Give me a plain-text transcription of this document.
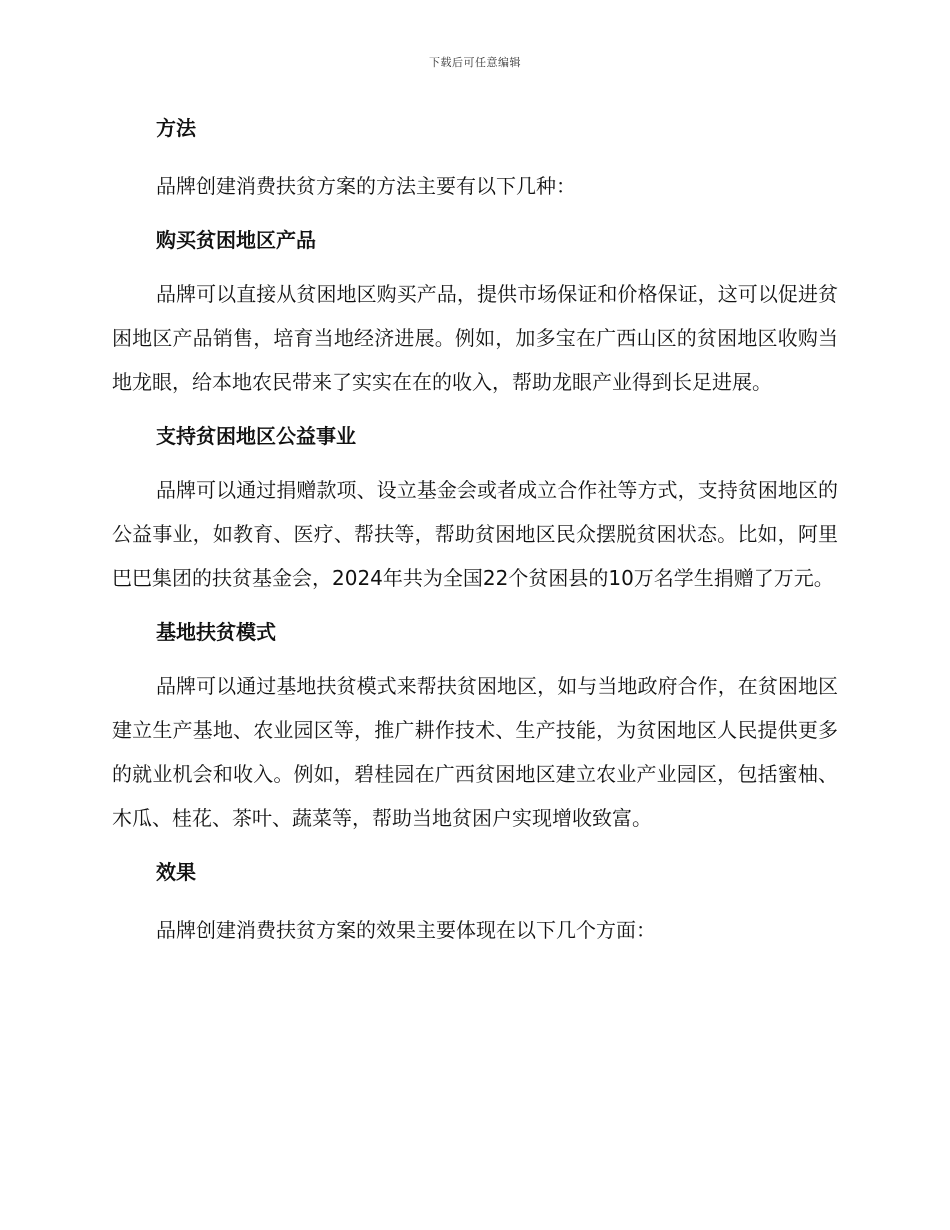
下载后可任意编辑
方法

品牌创建消费扶贫方案的方法主要有以下几种：

购买贫困地区产品

品牌可以直接从贫困地区购买产品，提供市场保证和价格保证，这可以促进贫困地区产品销售，培育当地经济进展。例如，加多宝在广西山区的贫困地区收购当地龙眼，给本地农民带来了实实在在的收入，帮助龙眼产业得到长足进展。

支持贫困地区公益事业

品牌可以通过捐赠款项、设立基金会或者成立合作社等方式，支持贫困地区的公益事业，如教育、医疗、帮扶等，帮助贫困地区民众摆脱贫困状态。比如，阿里巴巴集团的扶贫基金会，2024年共为全国22个贫困县的10万名学生捐赠了万元。

基地扶贫模式

品牌可以通过基地扶贫模式来帮扶贫困地区，如与当地政府合作，在贫困地区建立生产基地、农业园区等，推广耕作技术、生产技能，为贫困地区人民提供更多的就业机会和收入。例如，碧桂园在广西贫困地区建立农业产业园区，包括蜜柚、木瓜、桂花、茶叶、蔬菜等，帮助当地贫困户实现增收致富。

效果

品牌创建消费扶贫方案的效果主要体现在以下几个方面：
